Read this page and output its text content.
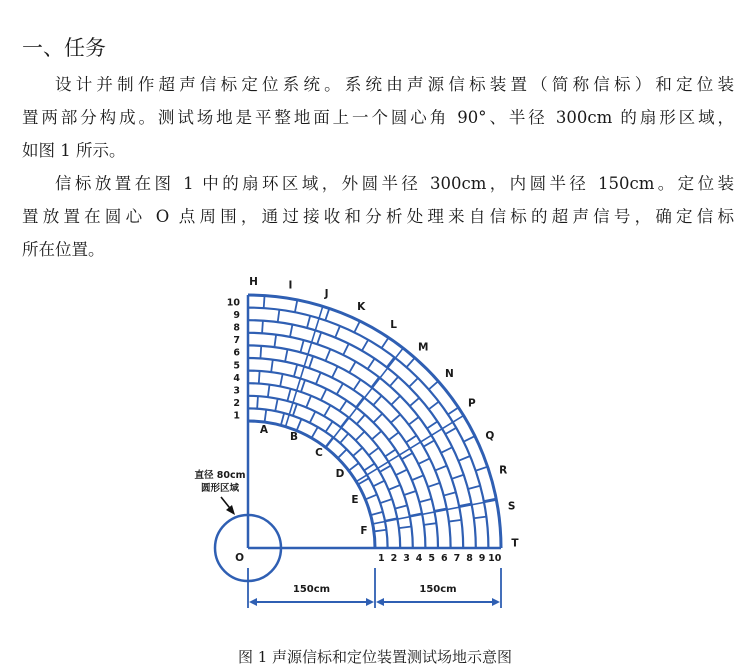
一、任务
设计并制作超声信标定位系统。系统由声源信标装置（简称信标）和定位装
置两部分构成。测试场地是平整地面上一个圆心角 90°、半径 300cm 的扇形区域，
如图 1 所示。
信标放置在图 1 中的扇环区域，外圆半径 300cm，内圆半径 150cm。定位装
置放置在圆心 O 点周围，通过接收和分析处理来自信标的超声信号，确定信标
所在位置。
1
1
2
2
3
3
4
4
5
5
6
6
7
7
8
8
9
9
10
10
A
B
C
D
E
F
H	I
J
K
L
M
N
P
Q
R
S
T
O
直径 80cm
圆形区域
150cm	150cm
图 1 声源信标和定位装置测试场地示意图
